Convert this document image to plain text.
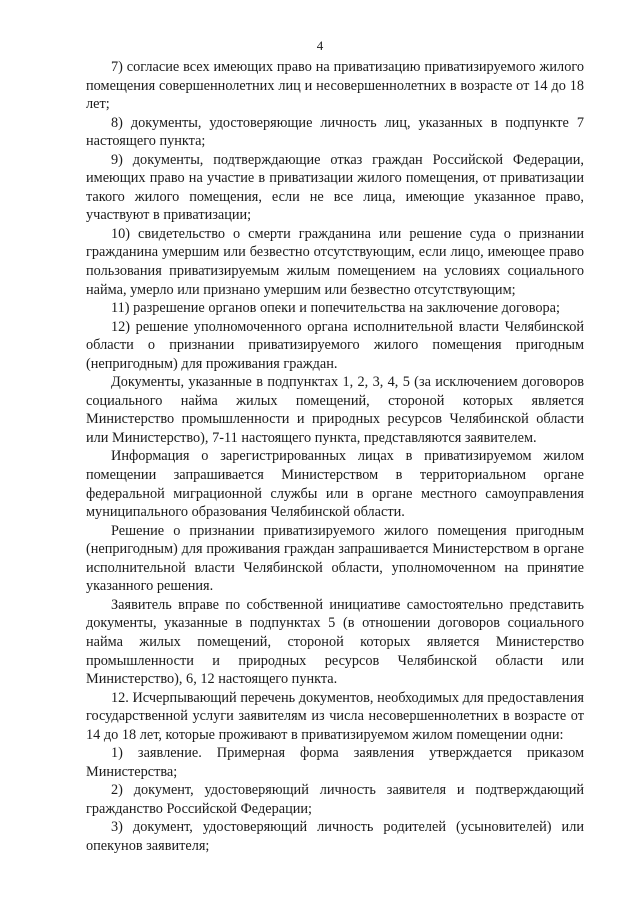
4

7) согласие всех имеющих право на приватизацию приватизируемого жилого помещения совершеннолетних лиц и несовершеннолетних в возрасте от 14 до 18 лет;

8) документы, удостоверяющие личность лиц, указанных в подпункте 7 настоящего пункта;

9) документы, подтверждающие отказ граждан Российской Федерации, имеющих право на участие в приватизации жилого помещения, от приватизации такого жилого помещения, если не все лица, имеющие указанное право, участвуют в приватизации;

10) свидетельство о смерти гражданина или решение суда о признании гражданина умершим или безвестно отсутствующим, если лицо, имеющее право пользования приватизируемым жилым помещением на условиях социального найма, умерло или признано умершим или безвестно отсутствующим;

11) разрешение органов опеки и попечительства на заключение договора;

12) решение уполномоченного органа исполнительной власти Челябинской области о признании приватизируемого жилого помещения пригодным (непригодным) для проживания граждан.

Документы, указанные в подпунктах 1, 2, 3, 4, 5 (за исключением договоров социального найма жилых помещений, стороной которых является Министерство промышленности и природных ресурсов Челябинской области или Министерство), 7-11 настоящего пункта, представляются заявителем.

Информация о зарегистрированных лицах в приватизируемом жилом помещении запрашивается Министерством в территориальном органе федеральной миграционной службы или в органе местного самоуправления муниципального образования Челябинской области.

Решение о признании приватизируемого жилого помещения пригодным (непригодным) для проживания граждан запрашивается Министерством в органе исполнительной власти Челябинской области, уполномоченном на принятие указанного решения.

Заявитель вправе по собственной инициативе самостоятельно представить документы, указанные в подпунктах 5 (в отношении договоров социального найма жилых помещений, стороной которых является Министерство промышленности и природных ресурсов Челябинской области или Министерство), 6, 12 настоящего пункта.

12. Исчерпывающий перечень документов, необходимых для предоставления государственной услуги заявителям из числа несовершеннолетних в возрасте от 14 до 18 лет, которые проживают в приватизируемом жилом помещении одни:

1) заявление. Примерная форма заявления утверждается приказом Министерства;

2) документ, удостоверяющий личность заявителя и подтверждающий гражданство Российской Федерации;

3) документ, удостоверяющий личность родителей (усыновителей) или опекунов заявителя;
